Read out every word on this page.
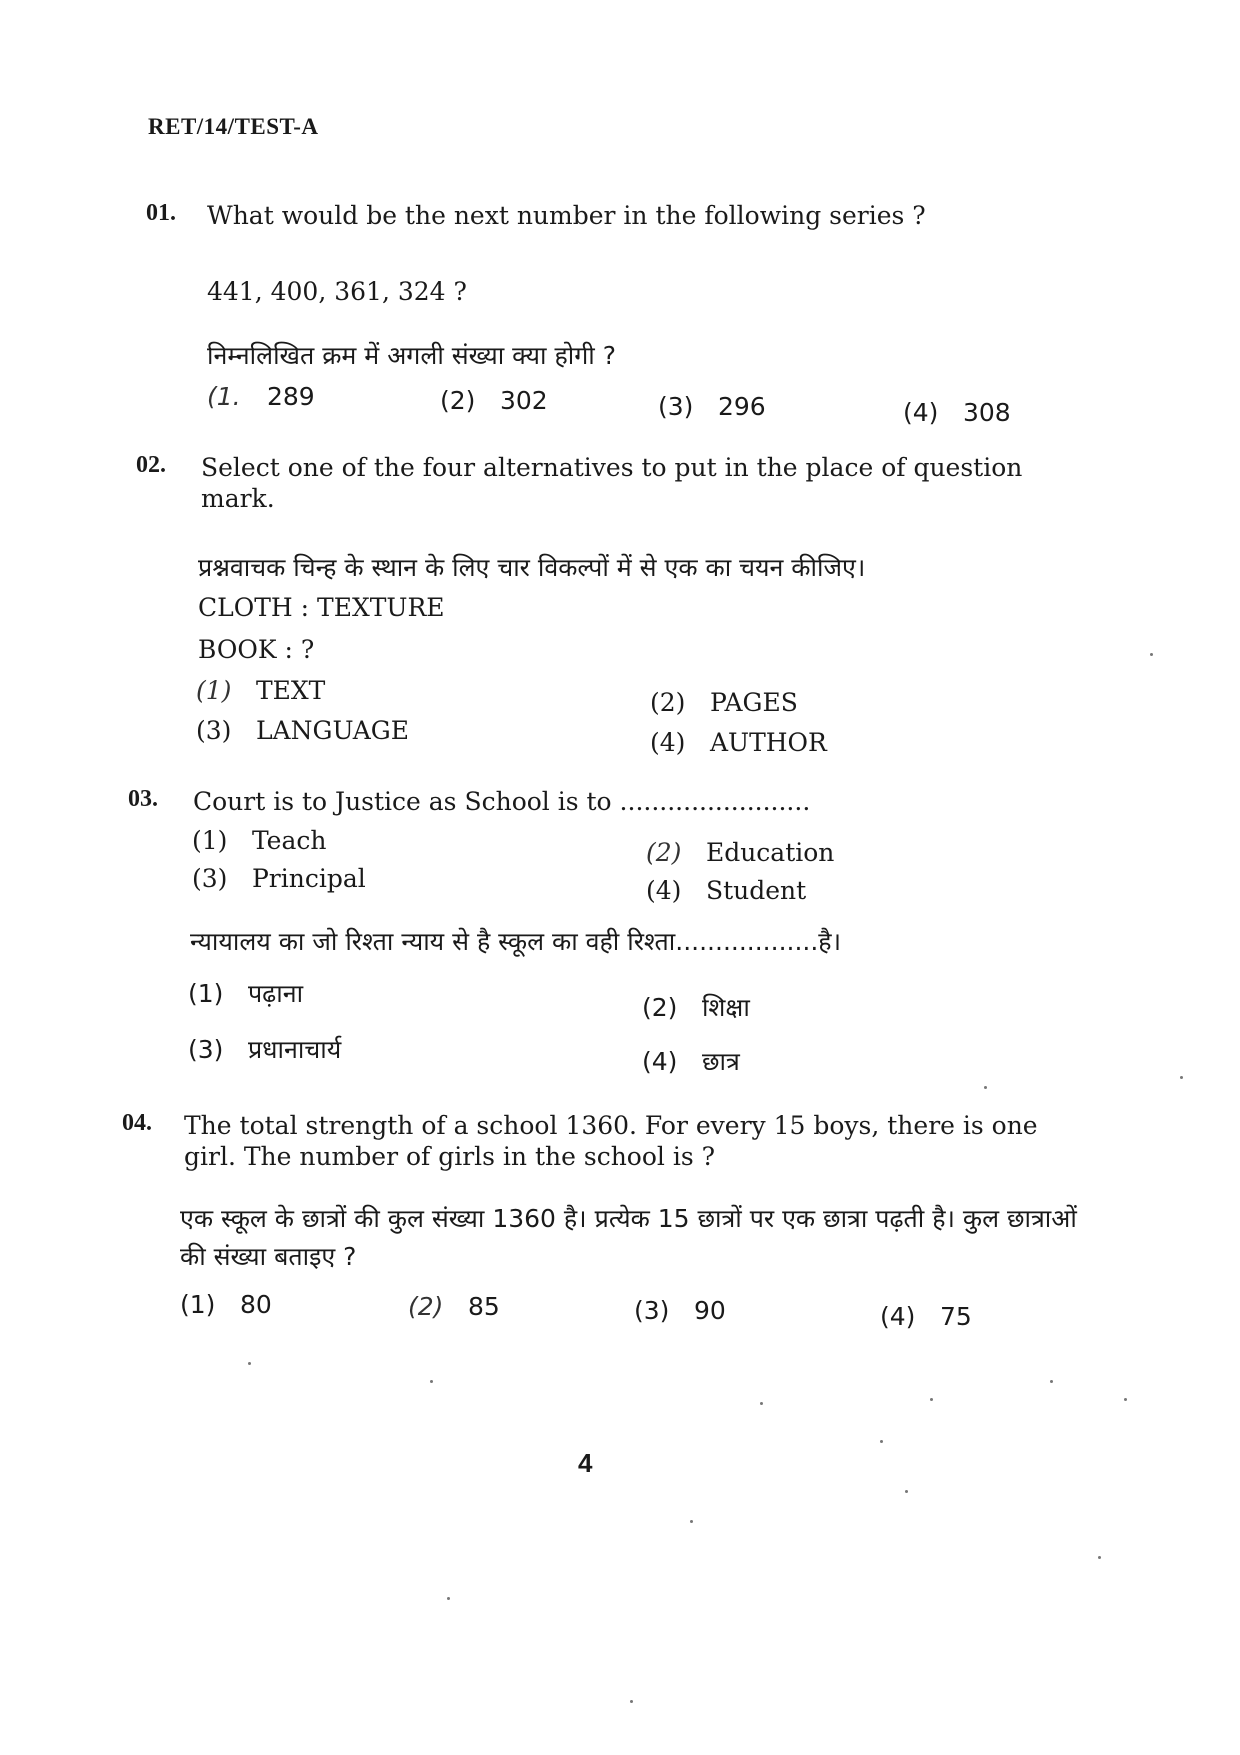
RET/14/TEST-A
01. What would be the next number in the following series ?
441, 400, 361, 324 ?
निम्नलिखित क्रम में अगली संख्या क्या होगी ?
(1. 289	(2) 302	(3) 296	(4) 308
02. Select one of the four alternatives to put in the place of question mark.
प्रश्नवाचक चिन्ह के स्थान के लिए चार विकल्पों में से एक का चयन कीजिए।
CLOTH : TEXTURE
BOOK : ?
(1) TEXT	(2) PAGES
(3) LANGUAGE	(4) AUTHOR
03. Court is to Justice as School is to ........................
(1) Teach	(2) Education
(3) Principal	(4) Student
न्यायालय का जो रिश्ता न्याय से है स्कूल का वही रिश्ता..................है।
(1) पढ़ाना	(2) शिक्षा
(3) प्रधानाचार्य	(4) छात्र
04. The total strength of a school 1360. For every 15 boys, there is one girl. The number of girls in the school is ?
एक स्कूल के छात्रों की कुल संख्या 1360 है। प्रत्येक 15 छात्रों पर एक छात्रा पढ़ती है। कुल छात्राओं की संख्या बताइए ?
(1) 80	(2) 85	(3) 90	(4) 75
4
